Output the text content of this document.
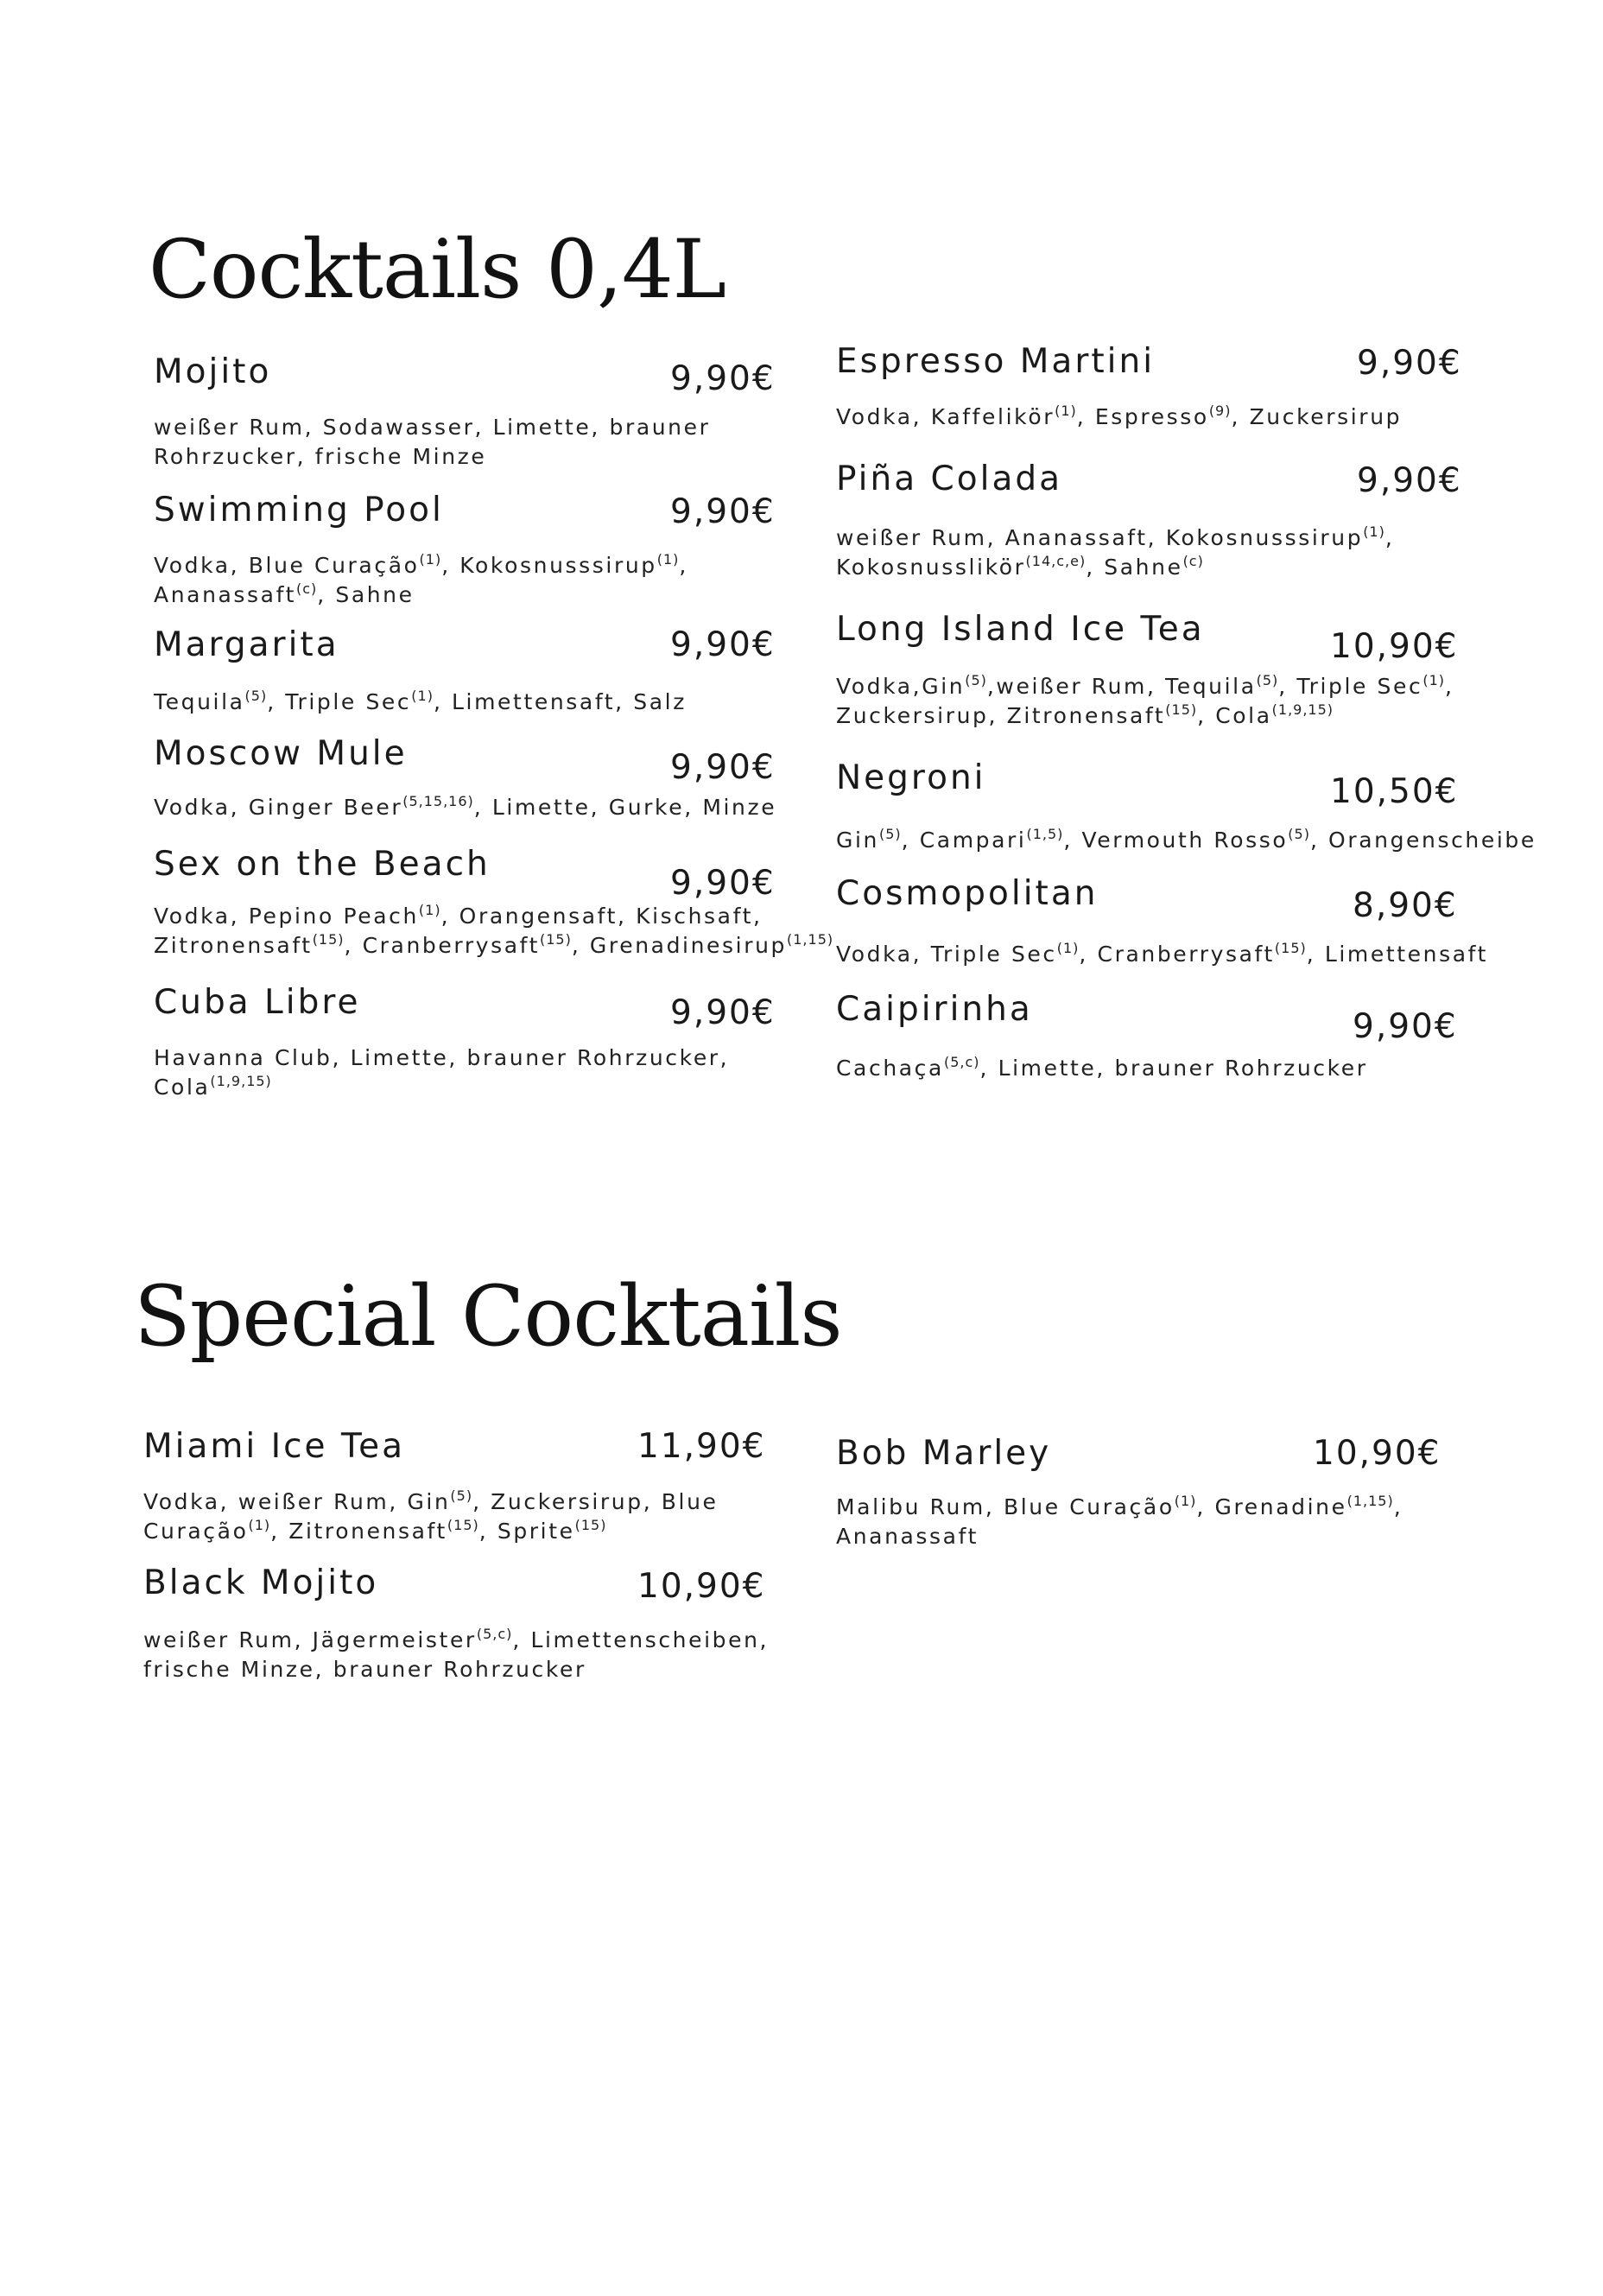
Cocktails 0,4L
Special Cocktails
Mojito	9,90€
weißer Rum, Sodawasser, Limette, brauner
Rohrzucker, frische Minze
Swimming Pool	9,90€
Vodka, Blue Curação$^{(1)}$, Kokosnusssirup$^{(1)}$,
Ananassaft$^{(c)}$, Sahne
Margarita	9,90€
Tequila$^{(5)}$, Triple Sec$^{(1)}$, Limettensaft, Salz
Moscow Mule	9,90€
Vodka, Ginger Beer$^{(5,15,16)}$, Limette, Gurke, Minze
Sex on the Beach	9,90€
Vodka, Pepino Peach$^{(1)}$, Orangensaft, Kischsaft,
Zitronensaft$^{(15)}$, Cranberrysaft$^{(15)}$, Grenadinesirup$^{(1,15)}$
Cuba Libre	9,90€
Havanna Club, Limette, brauner Rohrzucker,
Cola$^{(1,9,15)}$
Espresso Martini	9,90€
Vodka, Kaffelikör$^{(1)}$, Espresso$^{(9)}$, Zuckersirup
Piña Colada	9,90€
weißer Rum, Ananassaft, Kokosnusssirup$^{(1)}$,
Kokosnusslikör$^{(14,c,e)}$, Sahne$^{(c)}$
Long Island Ice Tea	10,90€
Vodka,Gin$^{(5)}$,weißer Rum, Tequila$^{(5)}$, Triple Sec$^{(1)}$,
Zuckersirup, Zitronensaft$^{(15)}$, Cola$^{(1,9,15)}$
Negroni	10,50€
Gin$^{(5)}$, Campari$^{(1,5)}$, Vermouth Rosso$^{(5)}$, Orangenscheibe
Cosmopolitan	8,90€
Vodka, Triple Sec$^{(1)}$, Cranberrysaft$^{(15)}$, Limettensaft
Caipirinha	9,90€
Cachaça$^{(5,c)}$, Limette, brauner Rohrzucker
Miami Ice Tea	11,90€
Vodka, weißer Rum, Gin$^{(5)}$, Zuckersirup, Blue
Curação$^{(1)}$, Zitronensaft$^{(15)}$, Sprite$^{(15)}$
Black Mojito	10,90€
weißer Rum, Jägermeister$^{(5,c)}$, Limettenscheiben,
frische Minze, brauner Rohrzucker
Bob Marley	10,90€
Malibu Rum, Blue Curação$^{(1)}$, Grenadine$^{(1,15)}$,
Ananassaft
